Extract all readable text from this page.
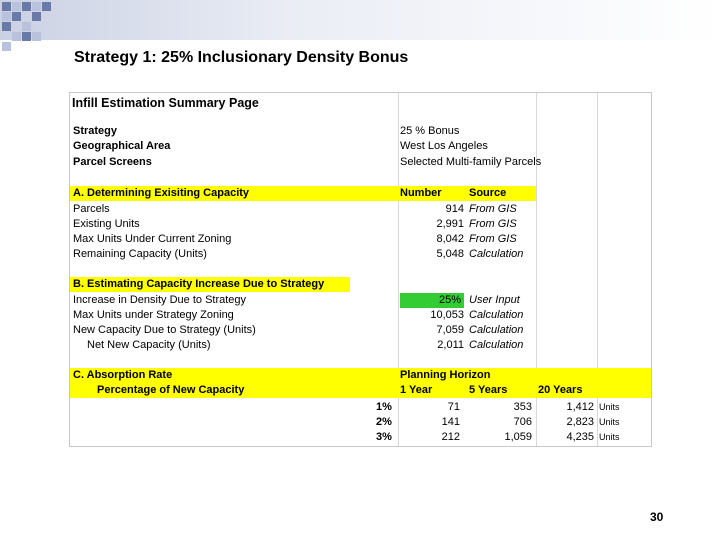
Strategy 1: 25% Inclusionary Density Bonus
Infill Estimation Summary Page
Strategy	25 % Bonus
Geographical Area	West Los Angeles
Parcel Screens	Selected Multi-family Parcels
A. Determining Exisiting Capacity	Number Source
Parcels	914 From GIS
Existing Units	2,991 From GIS
Max Units Under Current Zoning	8,042 From GIS
Remaining Capacity (Units)	5,048 Calculation
B. Estimating Capacity Increase Due to Strategy
Increase in Density Due to Strategy	25% User Input
Max Units under Strategy Zoning	10,053 Calculation
New Capacity Due to Strategy (Units)	7,059 Calculation
Net New Capacity (Units)	2,011 Calculation
C. Absorption Rate	Planning Horizon
Percentage of New Capacity	1 Year	5 Years	20 Years
1%	71	353	1,412 Units
2%	141	706	2,823 Units
3%	212	1,059	4,235 Units
30
